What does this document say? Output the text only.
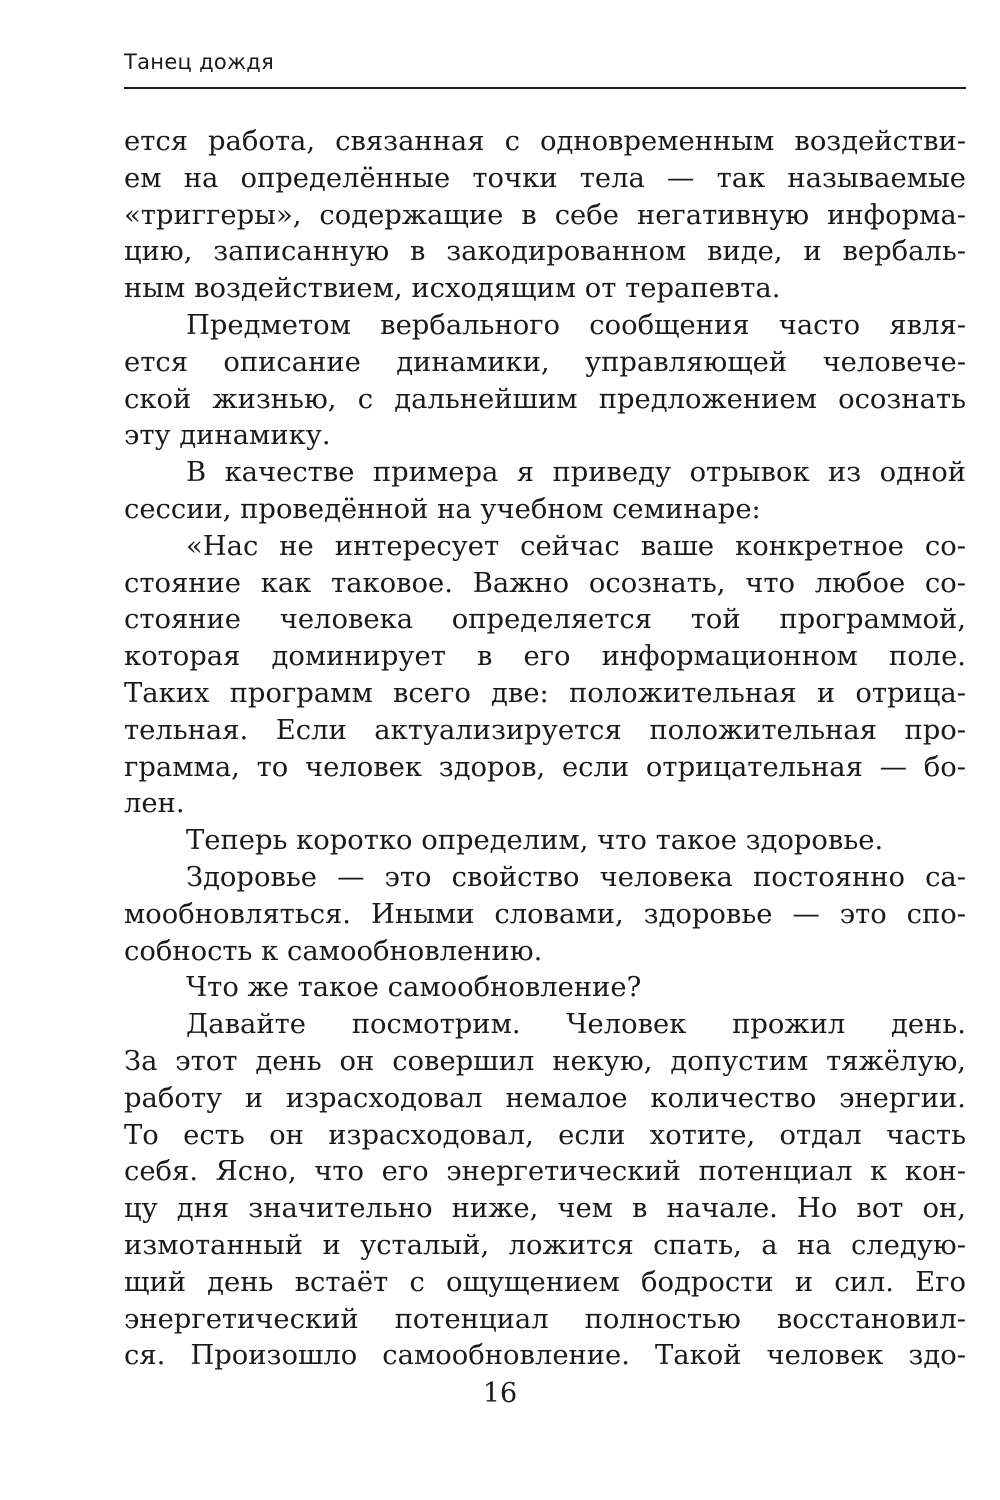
Танец дождя
ется работа, связанная с одновременным воздействи-
ем на определённые точки тела — так называемые
«триггеры», содержащие в себе негативную информа-
цию, записанную в закодированном виде, и вербаль-
ным воздействием, исходящим от терапевта.
Предметом вербального сообщения часто явля-
ется описание динамики, управляющей человече-
ской жизнью, с дальнейшим предложением осознать
эту динамику.
В качестве примера я приведу отрывок из одной
сессии, проведённой на учебном семинаре:
«Нас не интересует сейчас ваше конкретное со-
стояние как таковое. Важно осознать, что любое со-
стояние человека определяется той программой,
которая доминирует в его информационном поле.
Таких программ всего две: положительная и отрица-
тельная. Если актуализируется положительная про-
грамма, то человек здоров, если отрицательная — бо-
лен.
Теперь коротко определим, что такое здоровье.
Здоровье — это свойство человека постоянно са-
мообновляться. Иными словами, здоровье — это спо-
собность к самообновлению.
Что же такое самообновление?
Давайте посмотрим. Человек прожил день.
За этот день он совершил некую, допустим тяжёлую,
работу и израсходовал немалое количество энергии.
То есть он израсходовал, если хотите, отдал часть
себя. Ясно, что его энергетический потенциал к кон-
цу дня значительно ниже, чем в начале. Но вот он,
измотанный и усталый, ложится спать, а на следую-
щий день встаёт с ощущением бодрости и сил. Его
энергетический потенциал полностью восстановил-
ся. Произошло самообновление. Такой человек здо-
16
